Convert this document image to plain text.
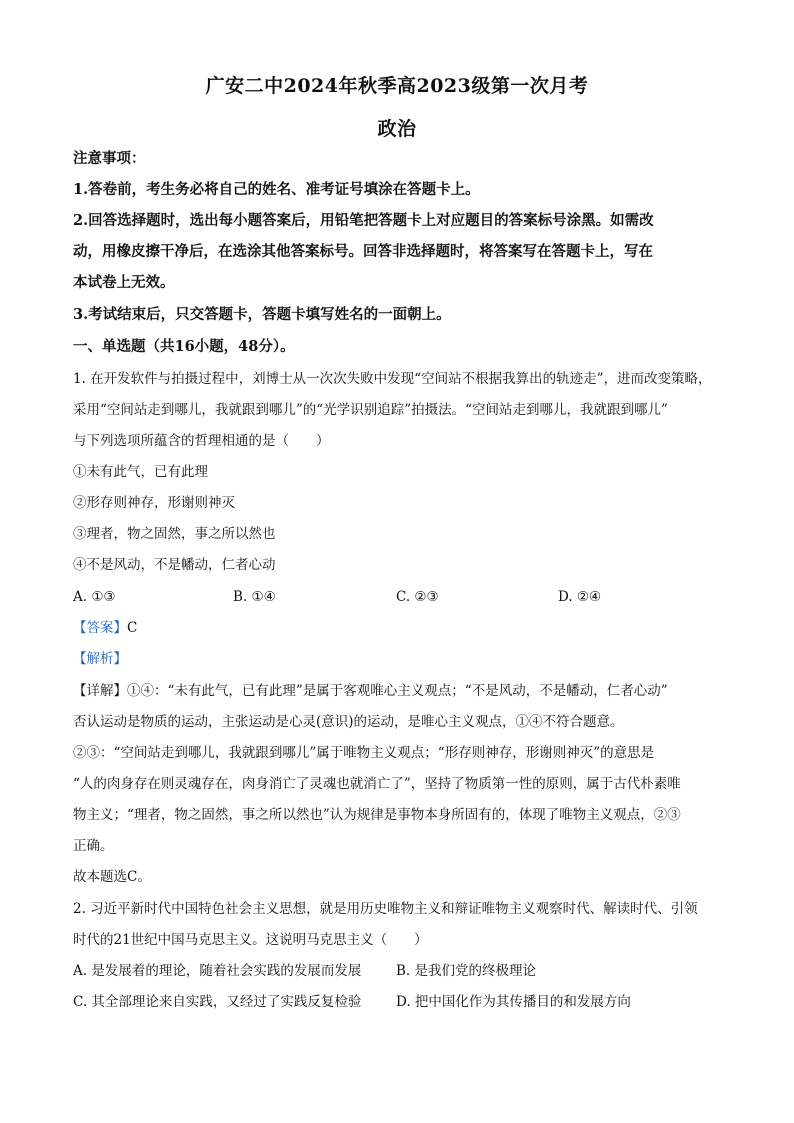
广安二中2024年秋季高2023级第一次月考
政治
注意事项：
1.答卷前，考生务必将自己的姓名、准考证号填涂在答题卡上。
2.回答选择题时，选出每小题答案后，用铅笔把答题卡上对应题目的答案标号涂黑。如需改
动，用橡皮擦干净后，在选涂其他答案标号。回答非选择题时，将答案写在答题卡上，写在
本试卷上无效。
3.考试结束后，只交答题卡，答题卡填写姓名的一面朝上。
一、单选题（共16小题，48分）。
1. 在开发软件与拍摄过程中，刘博士从一次次失败中发现“空间站不根据我算出的轨迹走”，进而改变策略，
采用“空间站走到哪儿，我就跟到哪儿”的“光学识别追踪”拍摄法。“空间站走到哪儿，我就跟到哪儿”
与下列选项所蕴含的哲理相通的是（　　）
①未有此气，已有此理
②形存则神存，形谢则神灭
③理者，物之固然，事之所以然也
④不是风动，不是幡动，仁者心动
A. ①③	B. ①④	C. ②③	D. ②④
【答案】C
【解析】
【详解】①④：“未有此气，已有此理”是属于客观唯心主义观点；“不是风动，不是幡动，仁者心动”
否认运动是物质的运动，主张运动是心灵(意识)的运动，是唯心主义观点，①④不符合题意。
②③：“空间站走到哪儿，我就跟到哪儿”属于唯物主义观点；“形存则神存，形谢则神灭”的意思是
“人的肉身存在则灵魂存在，肉身消亡了灵魂也就消亡了”，坚持了物质第一性的原则，属于古代朴素唯
物主义；“理者，物之固然，事之所以然也”认为规律是事物本身所固有的，体现了唯物主义观点，②③
正确。
故本题选C。
2. 习近平新时代中国特色社会主义思想，就是用历史唯物主义和辩证唯物主义观察时代、解读时代、引领
时代的21世纪中国马克思主义。这说明马克思主义（　　）
A. 是发展着的理论，随着社会实践的发展而发展	B. 是我们党的终极理论
C. 其全部理论来自实践，又经过了实践反复检验	D. 把中国化作为其传播目的和发展方向
